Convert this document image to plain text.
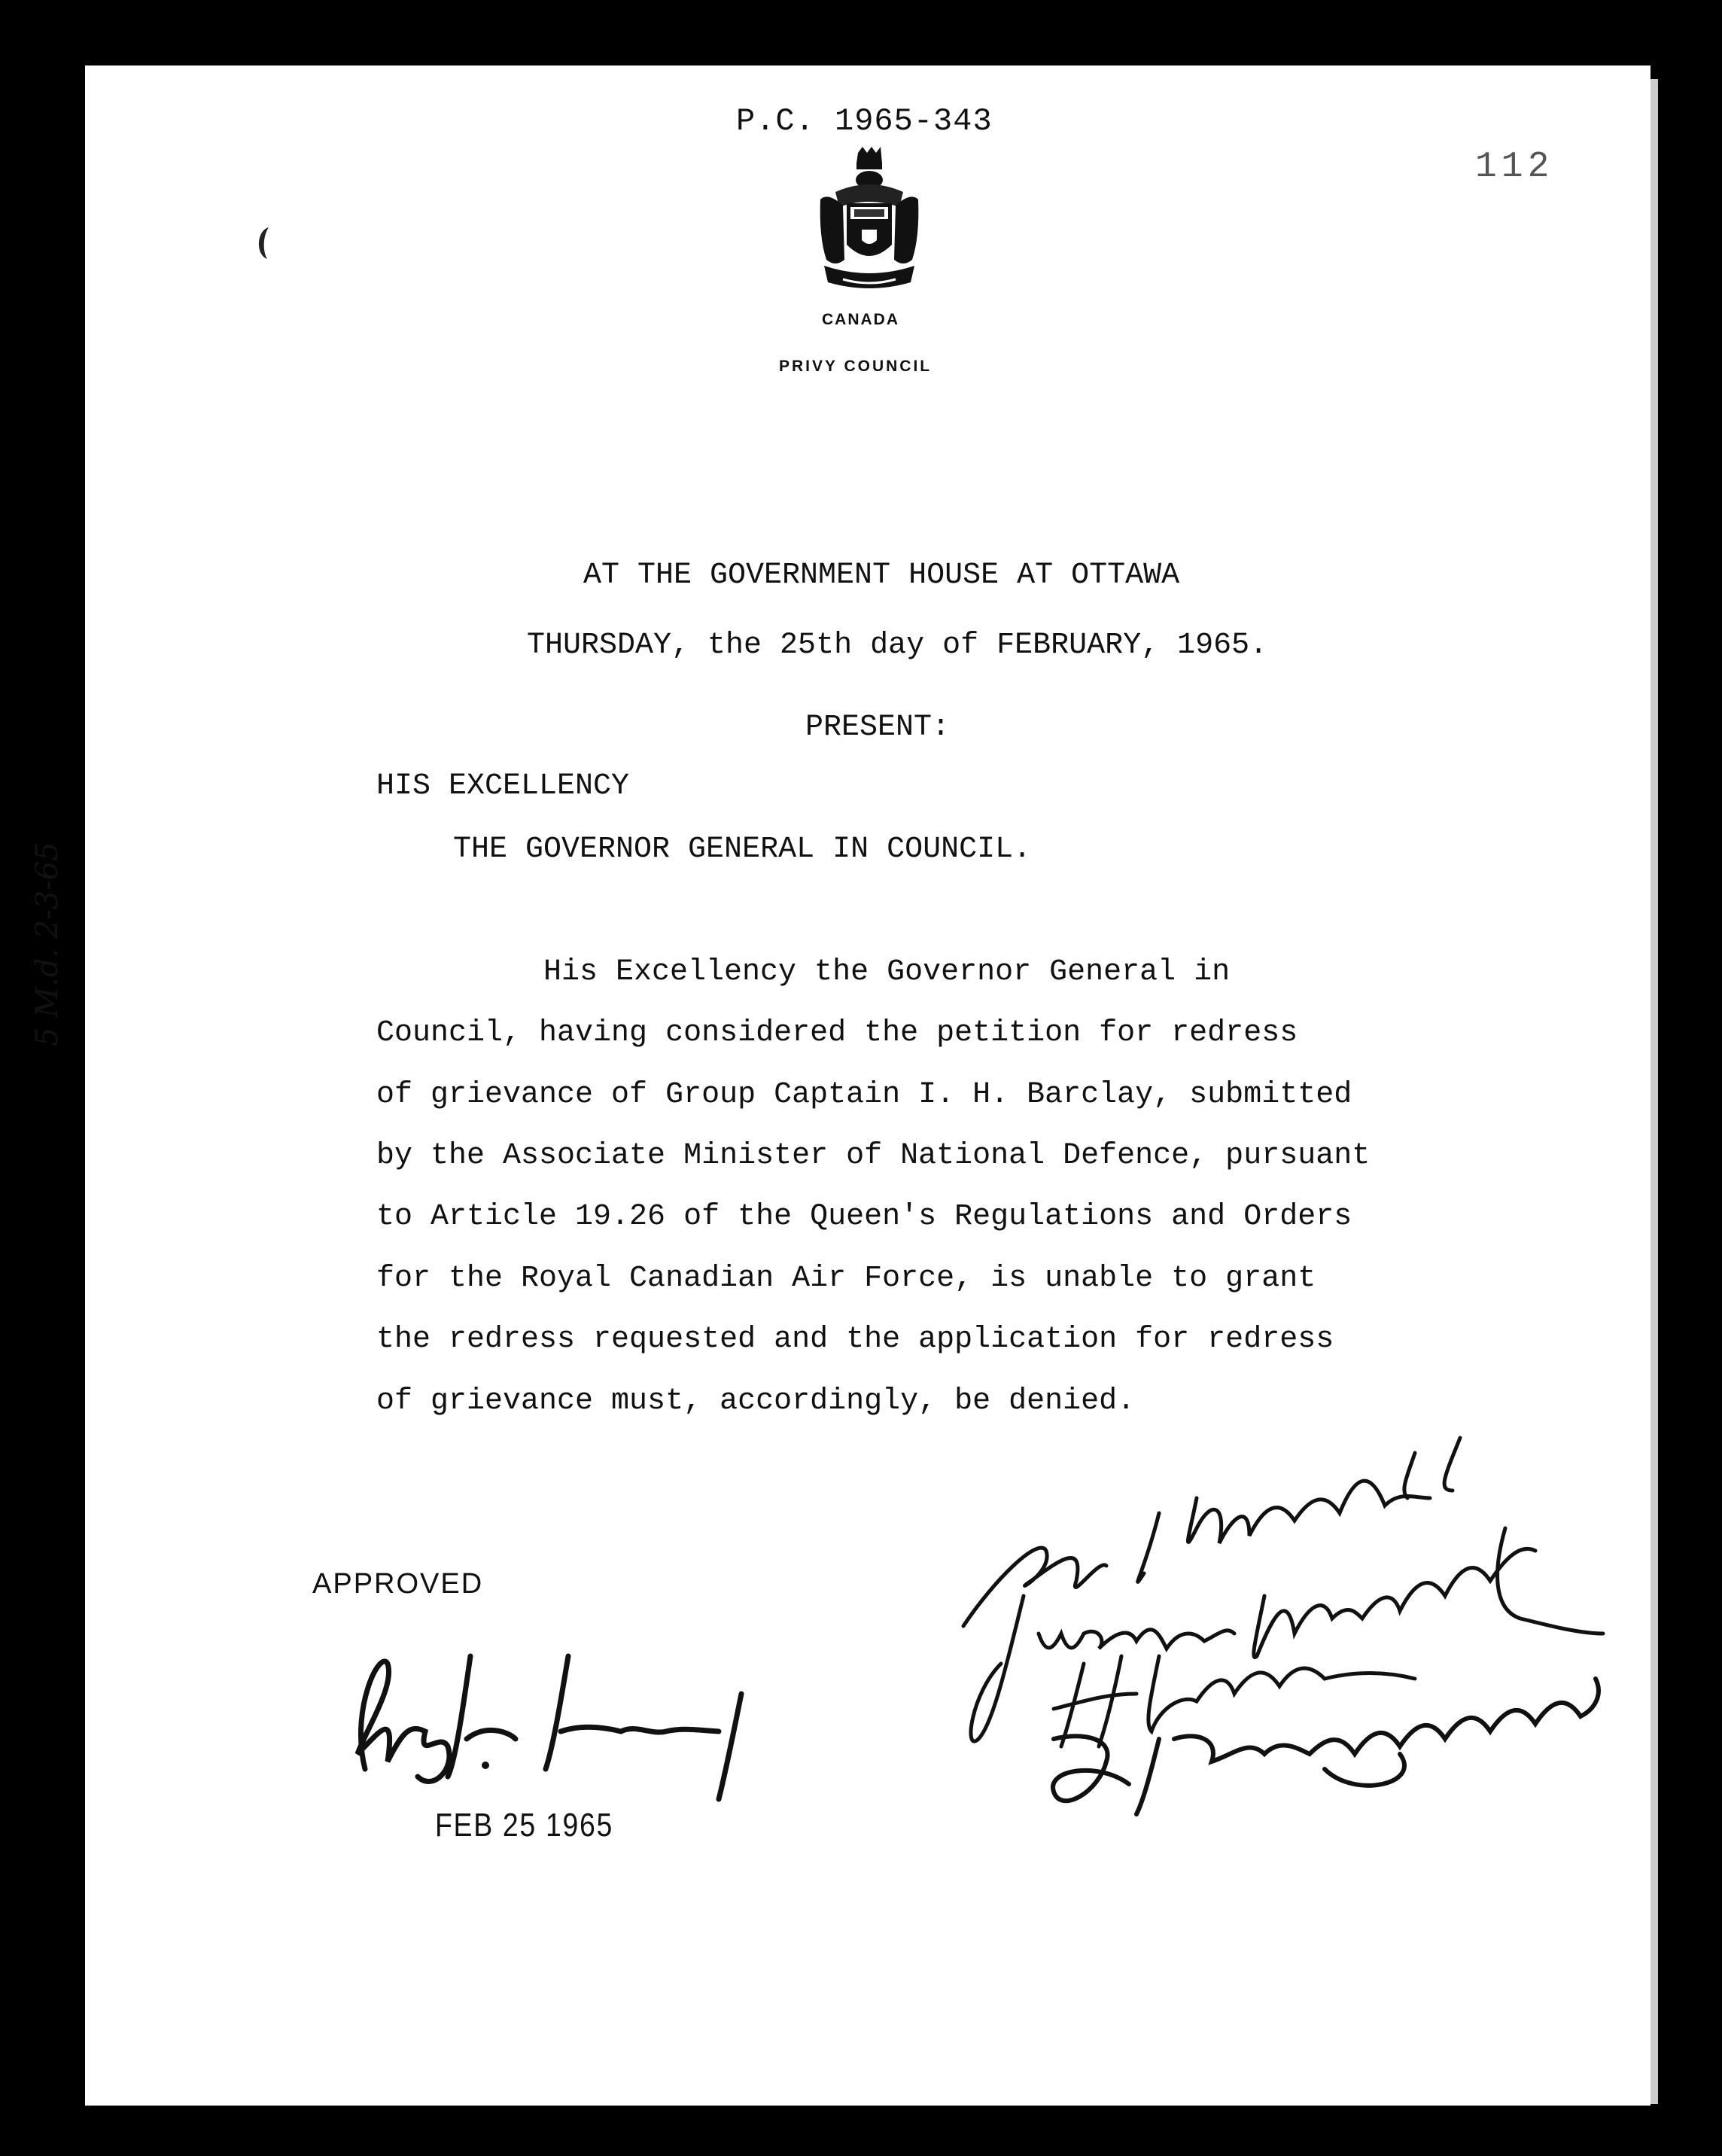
P.C. 1965-343
112
CANADA
PRIVY COUNCIL
AT THE GOVERNMENT HOUSE AT OTTAWA
THURSDAY, the 25th day of FEBRUARY, 1965.
PRESENT:
HIS EXCELLENCY
THE GOVERNOR GENERAL IN COUNCIL.
His Excellency the Governor General in
Council, having considered the petition for redress
of grievance of Group Captain I. H. Barclay, submitted
by the Associate Minister of National Defence, pursuant
to Article 19.26 of the Queen's Regulations and Orders
for the Royal Canadian Air Force, is unable to grant
the redress requested and the application for redress
of grievance must, accordingly, be denied.
5 M.d. 2-3-65
APPROVED
FEB 25 1965
